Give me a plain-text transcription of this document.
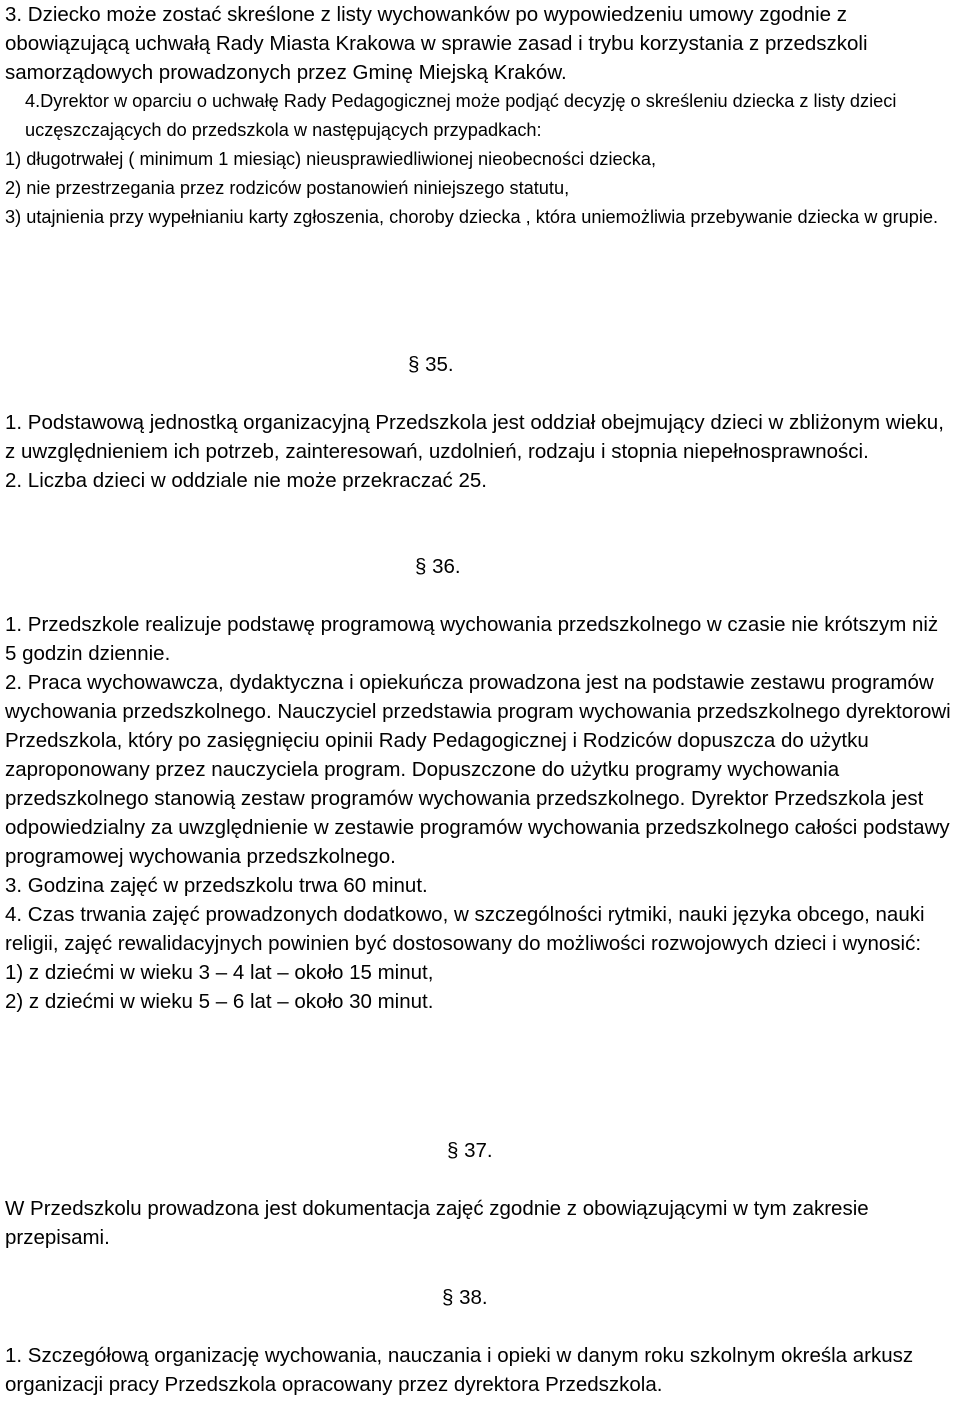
3. Dziecko może zostać skreślone z listy wychowanków po wypowiedzeniu umowy zgodnie z obowiązującą uchwałą Rady Miasta Krakowa w sprawie zasad i trybu korzystania z przedszkoli samorządowych prowadzonych przez Gminę Miejską Kraków.

4.Dyrektor w oparciu o uchwałę Rady Pedagogicznej może podjąć decyzję o skreśleniu dziecka z listy dzieci uczęszczających do przedszkola w następujących przypadkach:

1) długotrwałej ( minimum 1 miesiąc) nieusprawiedliwionej nieobecności dziecka,

2) nie przestrzegania przez rodziców postanowień niniejszego statutu,

3) utajnienia przy wypełnianiu karty zgłoszenia, choroby dziecka , która uniemożliwia przebywanie dziecka w grupie.

§ 35.

1. Podstawową jednostką organizacyjną Przedszkola jest oddział obejmujący dzieci w zbliżonym wieku, z uwzględnieniem ich potrzeb, zainteresowań, uzdolnień, rodzaju i stopnia niepełnosprawności.

2. Liczba dzieci w oddziale nie może przekraczać 25.

§ 36.

1. Przedszkole realizuje podstawę programową wychowania przedszkolnego w czasie nie krótszym niż 5 godzin dziennie.

2. Praca wychowawcza, dydaktyczna i opiekuńcza prowadzona jest na podstawie zestawu programów wychowania przedszkolnego. Nauczyciel przedstawia program wychowania przedszkolnego dyrektorowi Przedszkola, który po zasięgnięciu opinii Rady Pedagogicznej i Rodziców dopuszcza do użytku zaproponowany przez nauczyciela program. Dopuszczone do użytku programy wychowania przedszkolnego stanowią zestaw programów wychowania przedszkolnego. Dyrektor Przedszkola jest odpowiedzialny za uwzględnienie w zestawie programów wychowania przedszkolnego całości podstawy programowej wychowania przedszkolnego.

3. Godzina zajęć w przedszkolu trwa 60 minut.

4. Czas trwania zajęć prowadzonych dodatkowo, w szczególności rytmiki, nauki języka obcego, nauki religii, zajęć rewalidacyjnych powinien być dostosowany do możliwości rozwojowych dzieci i wynosić:

1) z dziećmi w wieku 3 – 4 lat – około 15 minut,

2) z dziećmi w wieku 5 – 6 lat – około 30 minut.

§ 37.

W Przedszkolu prowadzona jest dokumentacja zajęć zgodnie z obowiązującymi w tym zakresie przepisami.

§ 38.

1. Szczegółową organizację wychowania, nauczania i opieki w danym roku szkolnym określa arkusz organizacji pracy Przedszkola opracowany przez dyrektora Przedszkola.
